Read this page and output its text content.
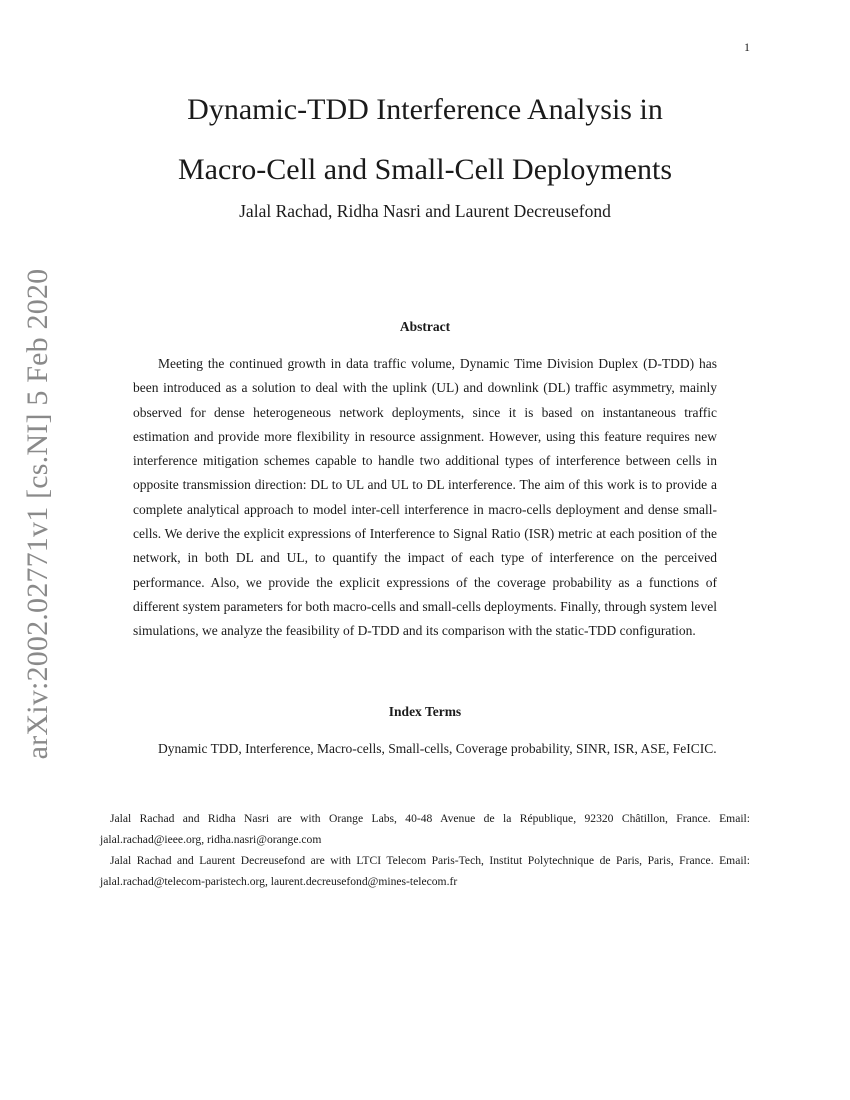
1
Dynamic-TDD Interference Analysis in
Macro-Cell and Small-Cell Deployments
Jalal Rachad, Ridha Nasri and Laurent Decreusefond
arXiv:2002.02771v1 [cs.NI] 5 Feb 2020	Abstract
Meeting the continued growth in data traffic volume, Dynamic Time Division Duplex (D-TDD) has been introduced as a solution to deal with the uplink (UL) and downlink (DL) traffic asymmetry, mainly observed for dense heterogeneous network deployments, since it is based on instantaneous traffic estimation and provide more flexibility in resource assignment. However, using this feature requires new interference mitigation schemes capable to handle two additional types of interference between cells in opposite transmission direction: DL to UL and UL to DL interference. The aim of this work is to provide a complete analytical approach to model inter-cell interference in macro-cells deployment and dense small-cells. We derive the explicit expressions of Interference to Signal Ratio (ISR) metric at each position of the network, in both DL and UL, to quantify the impact of each type of interference on the perceived performance. Also, we provide the explicit expressions of the coverage probability as a functions of different system parameters for both macro-cells and small-cells deployments. Finally, through system level simulations, we analyze the feasibility of D-TDD and its comparison with the static-TDD configuration.
Index Terms
Dynamic TDD, Interference, Macro-cells, Small-cells, Coverage probability, SINR, ISR, ASE, FeICIC.
Jalal Rachad and Ridha Nasri are with Orange Labs, 40-48 Avenue de la République, 92320 Châtillon, France. Email: jalal.rachad@ieee.org, ridha.nasri@orange.com
Jalal Rachad and Laurent Decreusefond are with LTCI Telecom Paris-Tech, Institut Polytechnique de Paris, Paris, France. Email: jalal.rachad@telecom-paristech.org, laurent.decreusefond@mines-telecom.fr
